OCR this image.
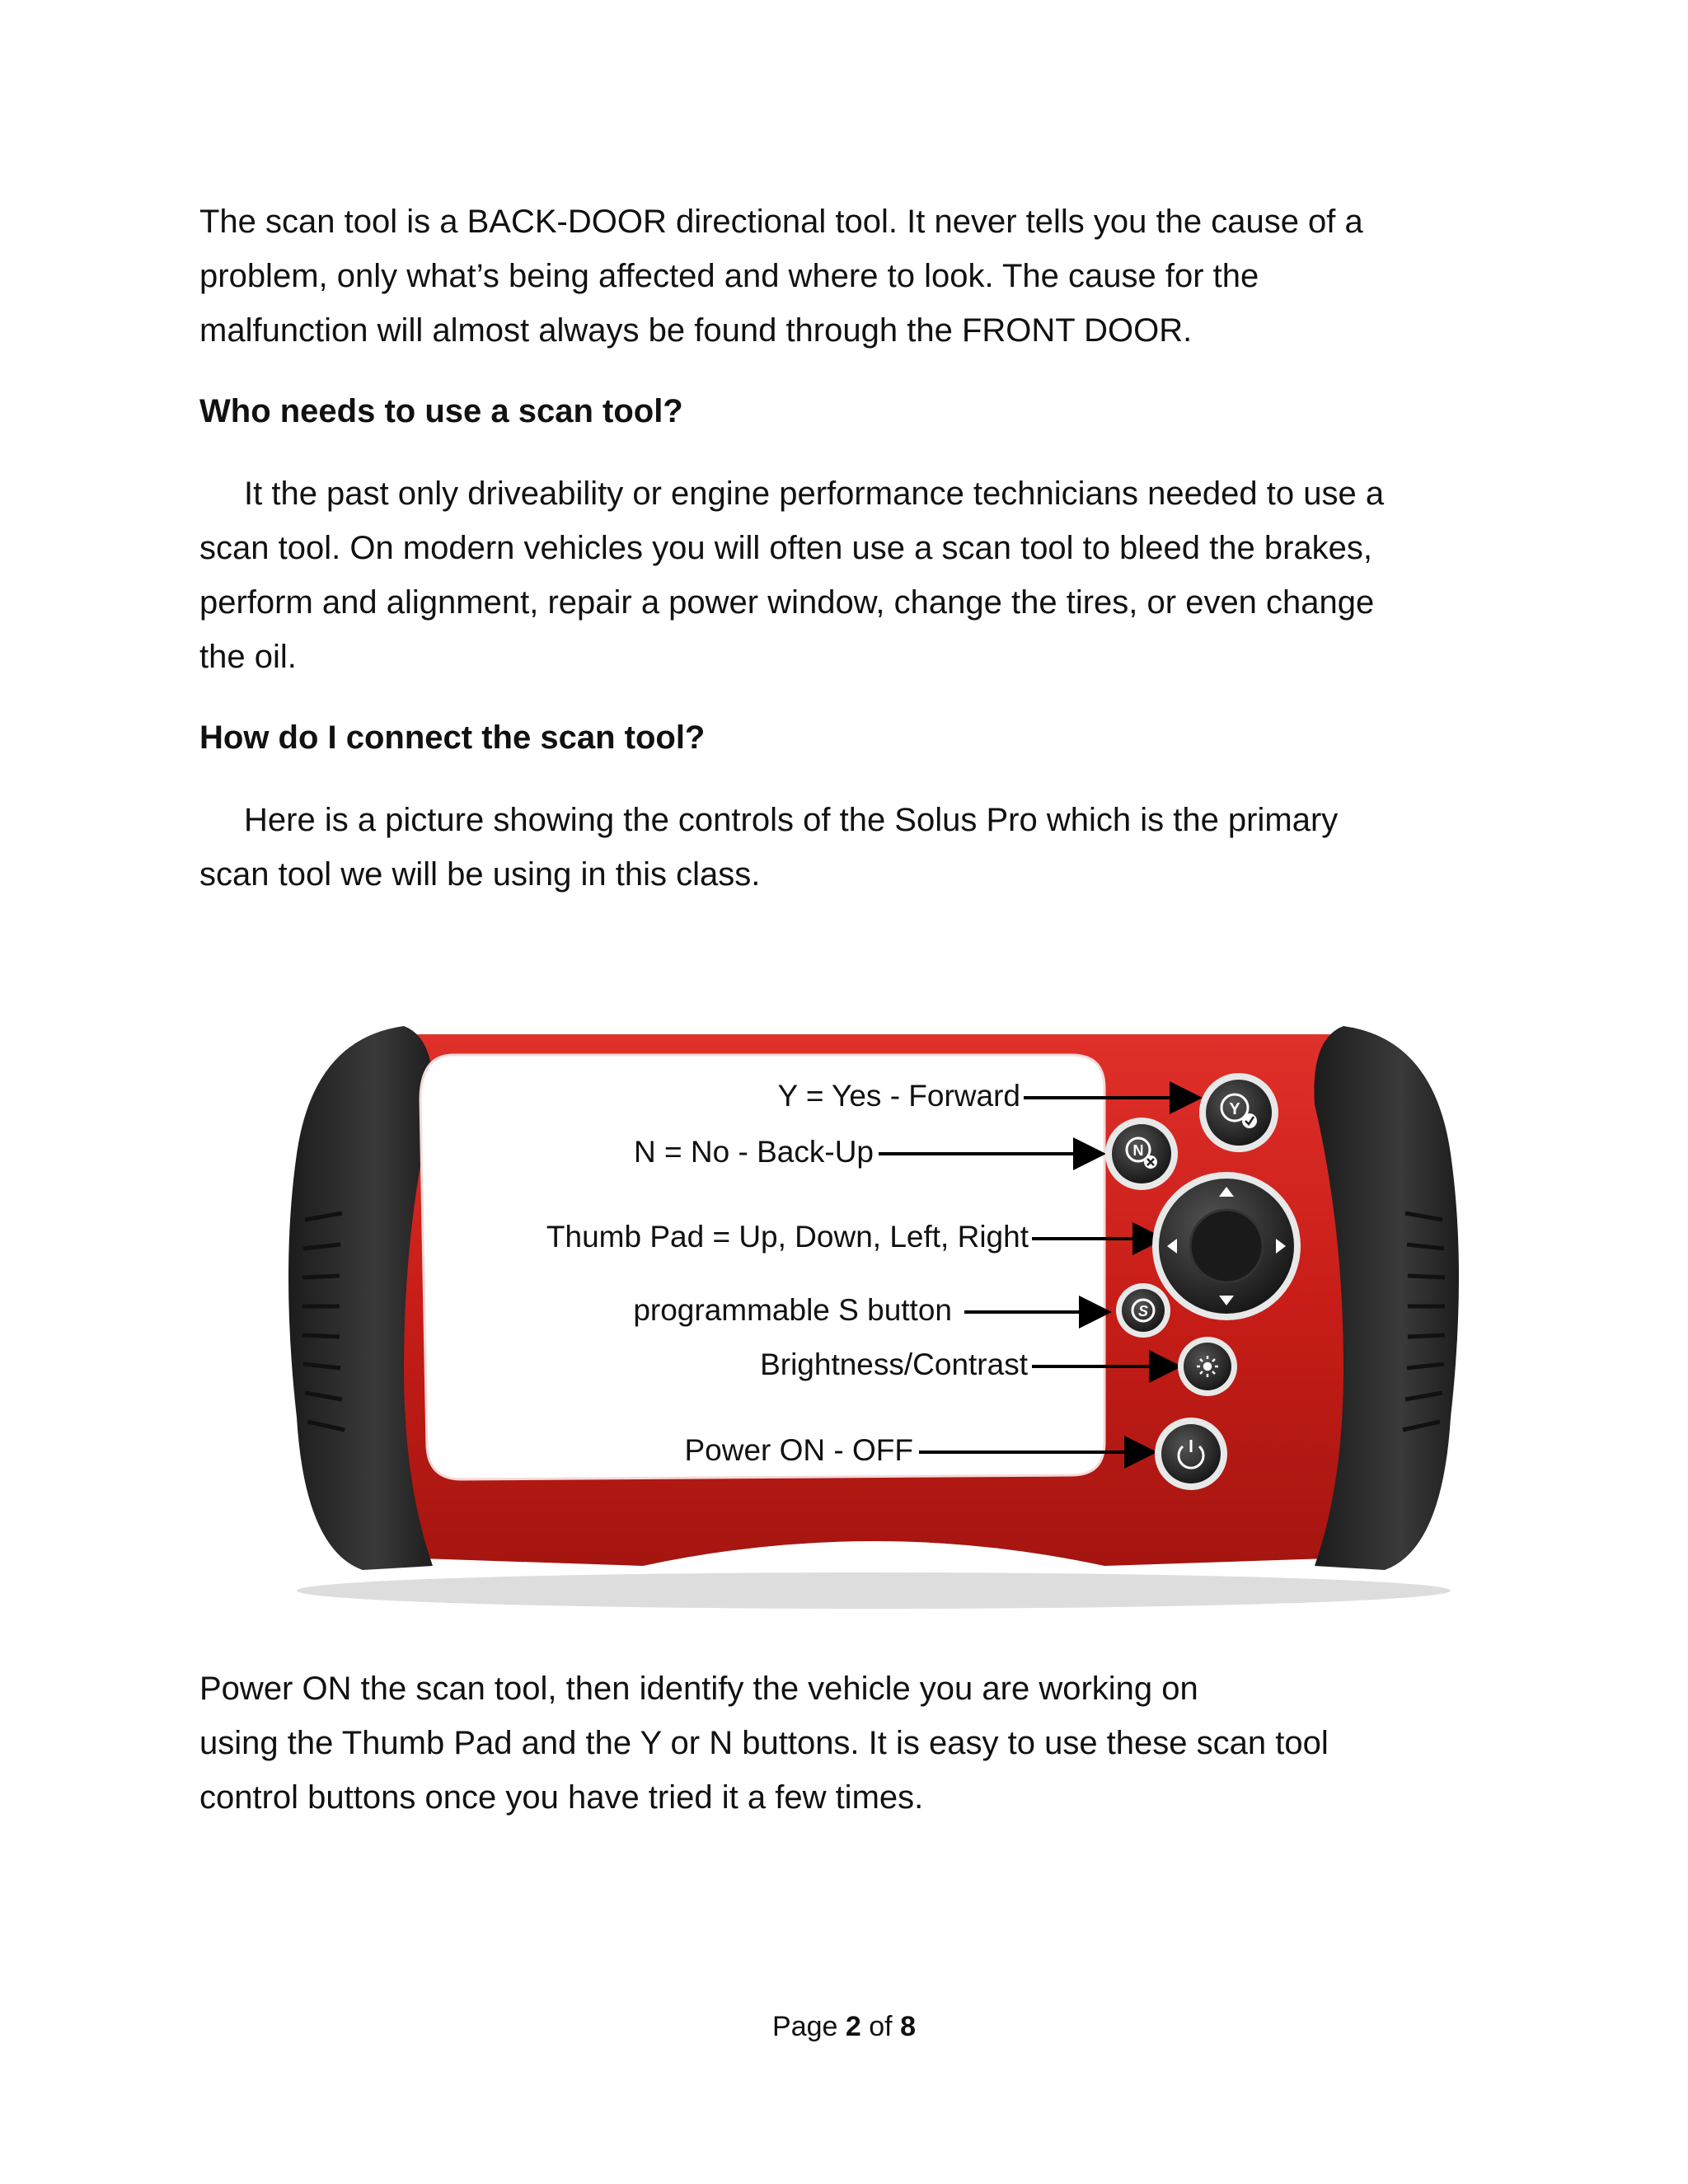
The scan tool is a BACK-DOOR directional tool. It never tells you the cause of a
problem, only what’s being affected and where to look. The cause for the
malfunction will almost always be found through the FRONT DOOR.

Who needs to use a scan tool?

It the past only driveability or engine performance technicians needed to use a
scan tool. On modern vehicles you will often use a scan tool to bleed the brakes,
perform and alignment, repair a power window, change the tires, or even change
the oil.

How do I connect the scan tool?

Here is a picture showing the controls of the Solus Pro which is the primary
scan tool we will be using in this class.

Y = Yes - Forward
N = No - Back-Up
Thumb Pad = Up, Down, Left, Right
programmable S button
Brightness/Contrast
Power ON - OFF
Y
N
S

Power ON the scan tool, then identify the vehicle you are working on
using the Thumb Pad and the Y or N buttons. It is easy to use these scan tool
control buttons once you have tried it a few times.

Page 2 of 8
